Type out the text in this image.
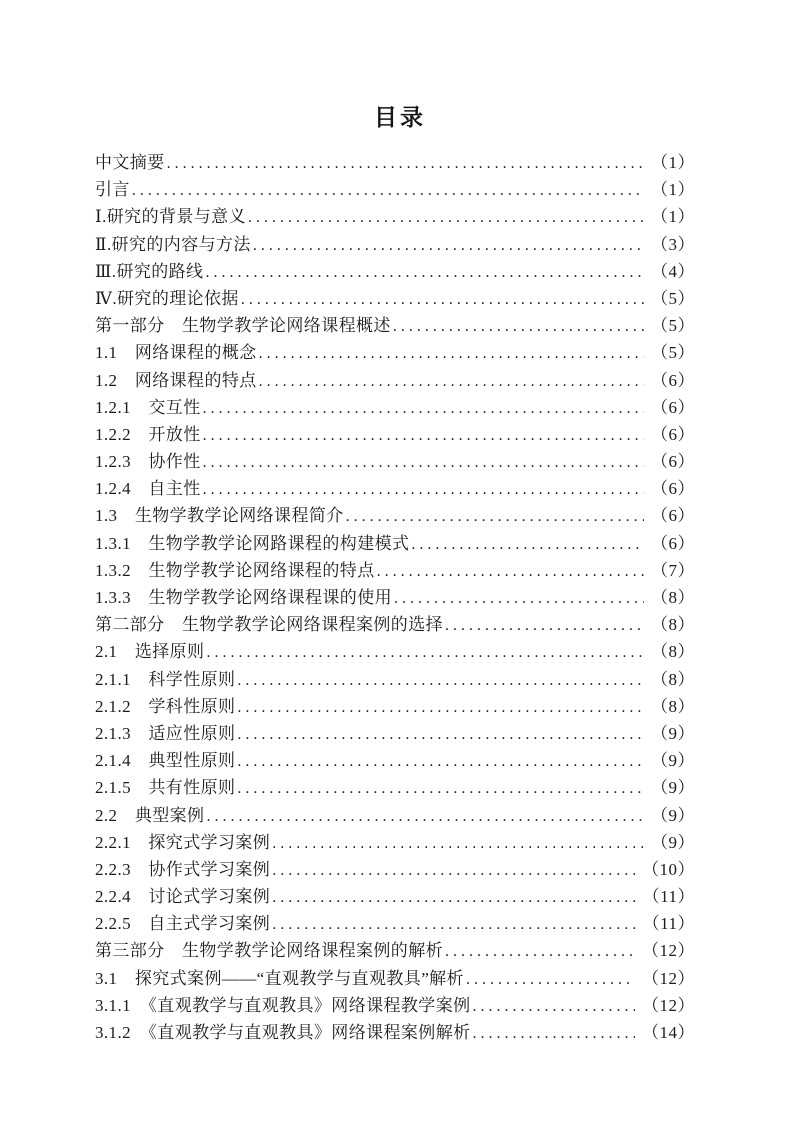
目录
中文摘要 .....	（1）
引言 .....	（1）
Ⅰ.研究的背景与意义 .....	（1）
Ⅱ.研究的内容与方法 .....	（3）
Ⅲ.研究的路线 .....	（4）
Ⅳ.研究的理论依据 .....	（5）
第一部分　生物学教学论网络课程概述 .....	（5）
1.1　网络课程的概念 .....	（5）
1.2　网络课程的特点 .....	（6）
1.2.1　交互性 .....	（6）
1.2.2　开放性 .....	（6）
1.2.3　协作性 .....	（6）
1.2.4　自主性 .....	（6）
1.3　生物学教学论网络课程简介 .....	（6）
1.3.1　生物学教学论网路课程的构建模式 .....	（6）
1.3.2　生物学教学论网络课程的特点 .....	（7）
1.3.3　生物学教学论网络课程课的使用 .....	（8）
第二部分　生物学教学论网络课程案例的选择 .....	（8）
2.1　选择原则 .....	（8）
2.1.1　科学性原则 .....	（8）
2.1.2　学科性原则 .....	（8）
2.1.3　适应性原则 .....	（9）
2.1.4　典型性原则 .....	（9）
2.1.5　共有性原则 .....	（9）
2.2　典型案例 .....	（9）
2.2.1　探究式学习案例 .....	（9）
2.2.3　协作式学习案例 .....	（10）
2.2.4　讨论式学习案例 .....	（11）
2.2.5　自主式学习案例 .....	（11）
第三部分　生物学教学论网络课程案例的解析 .....	（12）
3.1　探究式案例——“直观教学与直观教具”解析 .....	（12）
3.1.1　《直观教学与直观教具》网络课程教学案例 .....	（12）
3.1.2　《直观教学与直观教具》网络课程案例解析 .....	（14）
